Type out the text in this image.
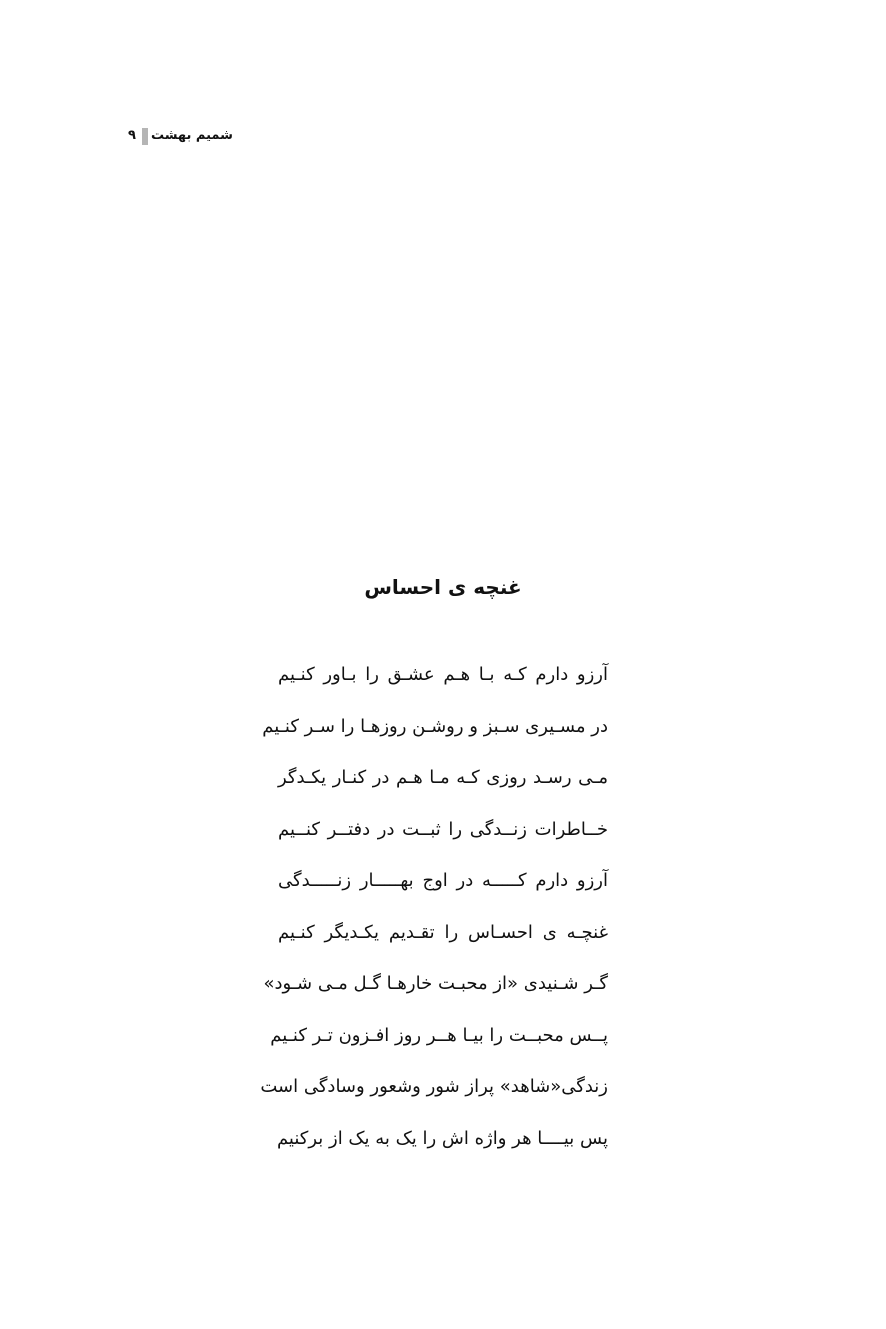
۹ شمیم بهشت
غنچه ی احساس
آرزو دارم کـه بـا هـم عشـق را بـاور کنـیم
در مسـیری سـبز و روشـن روزهـا را سـر کنـیم
مـی رسـد روزی کـه مـا هـم در کنـار یکـدگر
خــاطرات زنــدگی را ثبــت در دفتــر کنــیم
آرزو دارم کـــــه در اوج بهـــــار زنـــــدگی
غنچـه ی احسـاس را تقـدیم یکـدیگر کنـیم
گـر شـنیدی «از محبـت خارهـا گـل مـی شـود»
پــس محبــت را بیـا هــر روز افـزون تـر کنـیم
زندگی«شاهد» پراز شور وشعور وسادگی است
پس بیــــا هر واژه اش را یک به یک از برکنیم
